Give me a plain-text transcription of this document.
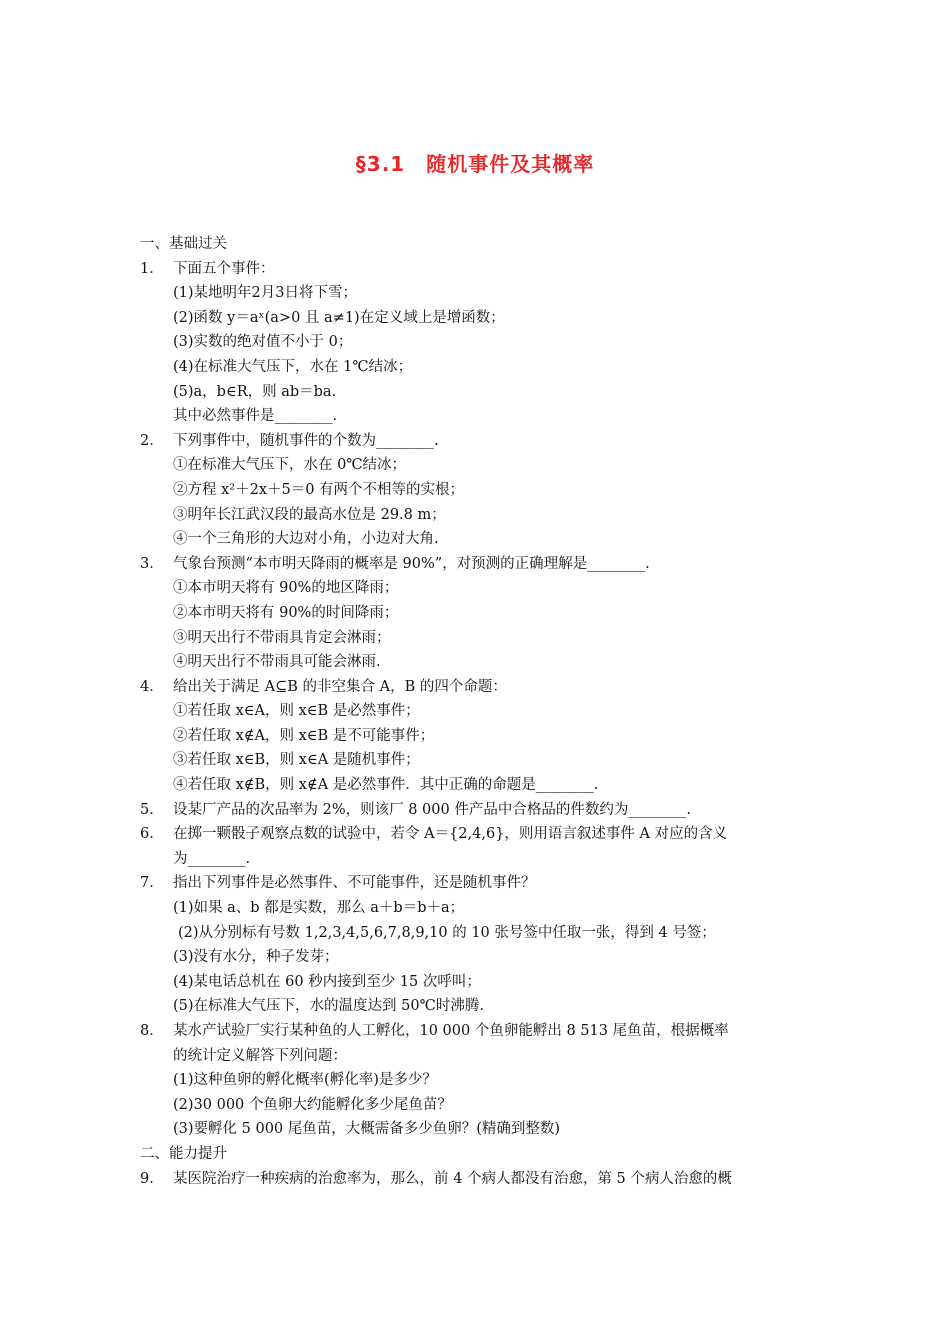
§3.1　随机事件及其概率
一、基础过关
1． 下面五个事件：
(1)某地明年2月3日将下雪；
(2)函数 y＝aˣ(a>0 且 a≠1)在定义域上是增函数；
(3)实数的绝对值不小于 0；
(4)在标准大气压下，水在 1℃结冰；
(5)a，b∈R，则 ab＝ba.
其中必然事件是________.
2． 下列事件中，随机事件的个数为________.
①在标准大气压下，水在 0℃结冰；
②方程 x²＋2x＋5＝0 有两个不相等的实根；
③明年长江武汉段的最高水位是 29.8 m；
④一个三角形的大边对小角，小边对大角.
3． 气象台预测“本市明天降雨的概率是 90%”，对预测的正确理解是________.
①本市明天将有 90%的地区降雨；
②本市明天将有 90%的时间降雨；
③明天出行不带雨具肯定会淋雨；
④明天出行不带雨具可能会淋雨.
4． 给出关于满足 A⊆B 的非空集合 A，B 的四个命题：
①若任取 x∈A，则 x∈B 是必然事件；
②若任取 x∉A，则 x∈B 是不可能事件；
③若任取 x∈B，则 x∈A 是随机事件；
④若任取 x∉B，则 x∉A 是必然事件．其中正确的命题是________.
5． 设某厂产品的次品率为 2%，则该厂 8 000 件产品中合格品的件数约为________.
6． 在掷一颗骰子观察点数的试验中，若令 A＝{2,4,6}，则用语言叙述事件 A 对应的含义
为________.
7． 指出下列事件是必然事件、不可能事件，还是随机事件？
(1)如果 a、b 都是实数，那么 a＋b＝b＋a；
(2)从分别标有号数 1,2,3,4,5,6,7,8,9,10 的 10 张号签中任取一张，得到 4 号签；
(3)没有水分，种子发芽；
(4)某电话总机在 60 秒内接到至少 15 次呼叫；
(5)在标准大气压下，水的温度达到 50℃时沸腾.
8． 某水产试验厂实行某种鱼的人工孵化，10 000 个鱼卵能孵出 8 513 尾鱼苗，根据概率
的统计定义解答下列问题：
(1)这种鱼卵的孵化概率(孵化率)是多少？
(2)30 000 个鱼卵大约能孵化多少尾鱼苗？
(3)要孵化 5 000 尾鱼苗，大概需备多少鱼卵？(精确到整数)
二、能力提升
9． 某医院治疗一种疾病的治愈率为，那么，前 4 个病人都没有治愈，第 5 个病人治愈的概
